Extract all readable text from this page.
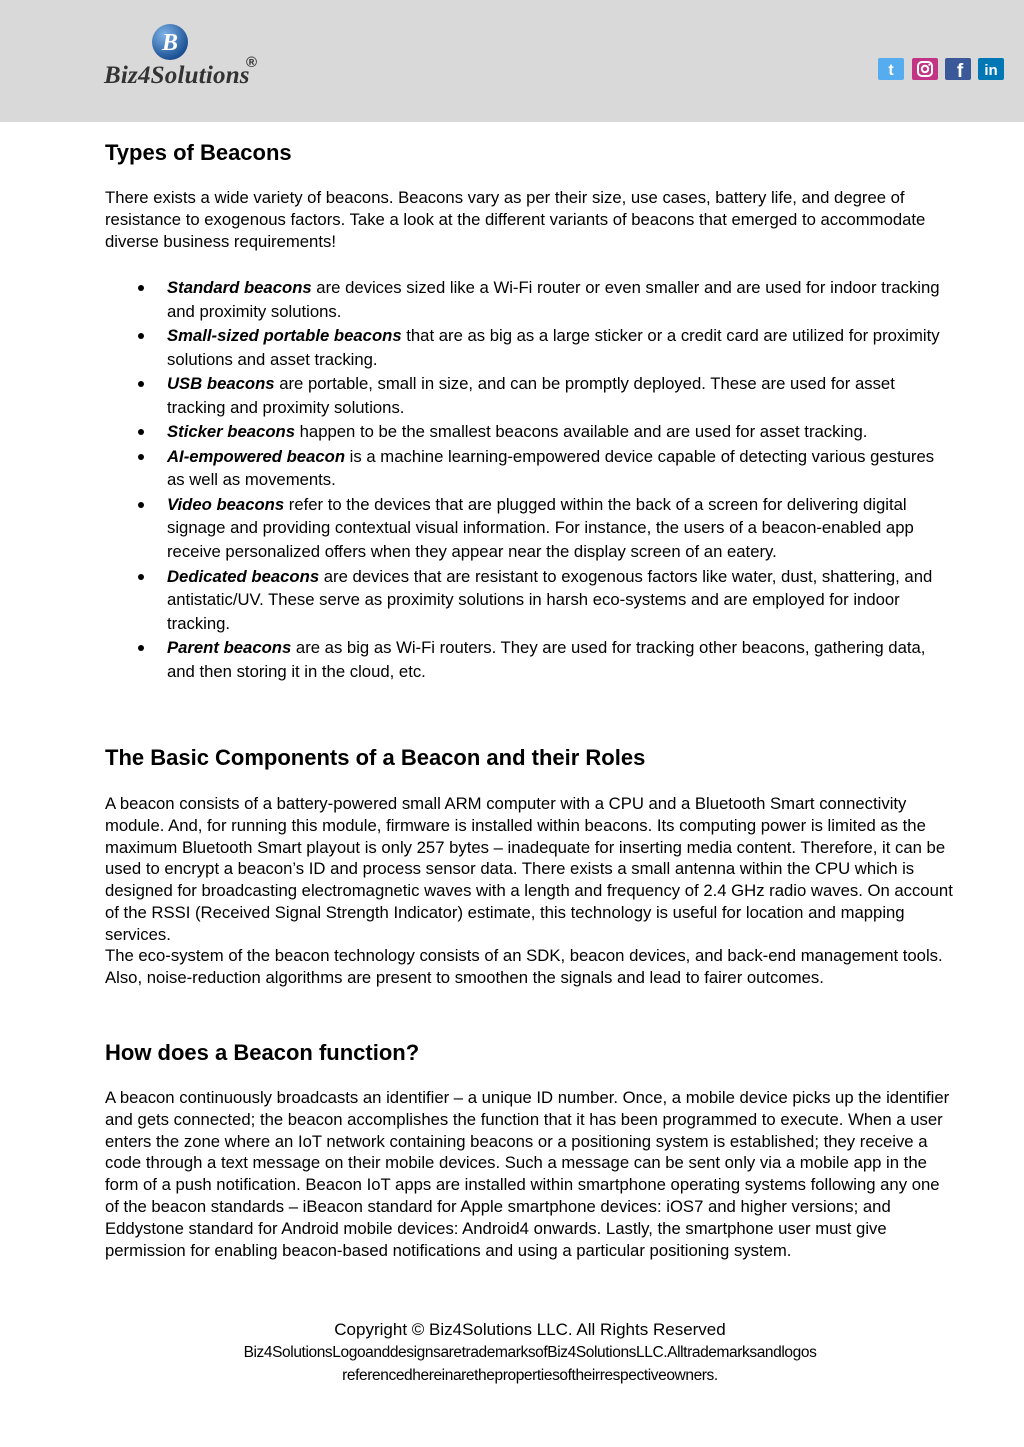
B
Biz4Solutions
®	t	f in
Types of Beacons

There exists a wide variety of beacons. Beacons vary as per their size, use cases, battery life, and degree of resistance to exogenous factors. Take a look at the different variants of beacons that emerged to accommodate diverse business requirements!

Standard beacons are devices sized like a Wi-Fi router or even smaller and are used for indoor tracking and proximity solutions.
Small-sized portable beacons that are as big as a large sticker or a credit card are utilized for proximity solutions and asset tracking.
USB beacons are portable, small in size, and can be promptly deployed. These are used for asset tracking and proximity solutions.
Sticker beacons happen to be the smallest beacons available and are used for asset tracking.
AI-empowered beacon is a machine learning-empowered device capable of detecting various gestures as well as movements.
Video beacons refer to the devices that are plugged within the back of a screen for delivering digital signage and providing contextual visual information. For instance, the users of a beacon-enabled app receive personalized offers when they appear near the display screen of an eatery.
Dedicated beacons are devices that are resistant to exogenous factors like water, dust, shattering, and antistatic/UV. These serve as proximity solutions in harsh eco-systems and are employed for indoor tracking.
Parent beacons are as big as Wi-Fi routers. They are used for tracking other beacons, gathering data, and then storing it in the cloud, etc.
The Basic Components of a Beacon and their Roles

A beacon consists of a battery-powered small ARM computer with a CPU and a Bluetooth Smart connectivity module. And, for running this module, firmware is installed within beacons. Its computing power is limited as the maximum Bluetooth Smart playout is only 257 bytes – inadequate for inserting media content. Therefore, it can be used to encrypt a beacon’s ID and process sensor data. There exists a small antenna within the CPU which is designed for broadcasting electromagnetic waves with a length and frequency of 2.4 GHz radio waves. On account of the RSSI (Received Signal Strength Indicator) estimate, this technology is useful for location and mapping services.

The eco-system of the beacon technology consists of an SDK, beacon devices, and back-end management tools. Also, noise-reduction algorithms are present to smoothen the signals and lead to fairer outcomes.

How does a Beacon function?

A beacon continuously broadcasts an identifier – a unique ID number. Once, a mobile device picks up the identifier and gets connected; the beacon accomplishes the function that it has been programmed to execute. When a user enters the zone where an IoT network containing beacons or a positioning system is established; they receive a code through a text message on their mobile devices. Such a message can be sent only via a mobile app in the form of a push notification. Beacon IoT apps are installed within smartphone operating systems following any one of the beacon standards – iBeacon standard for Apple smartphone devices: iOS7 and higher versions; and Eddystone standard for Android mobile devices: Android4 onwards. Lastly, the smartphone user must give permission for enabling beacon-based notifications and using a particular positioning system.

Copyright © Biz4Solutions LLC. All Rights Reserved
Biz4SolutionsLogoanddesignsaretrademarksofBiz4SolutionsLLC.Alltrademarksandlogos
referencedhereinarethepropertiesoftheirrespectiveowners.
